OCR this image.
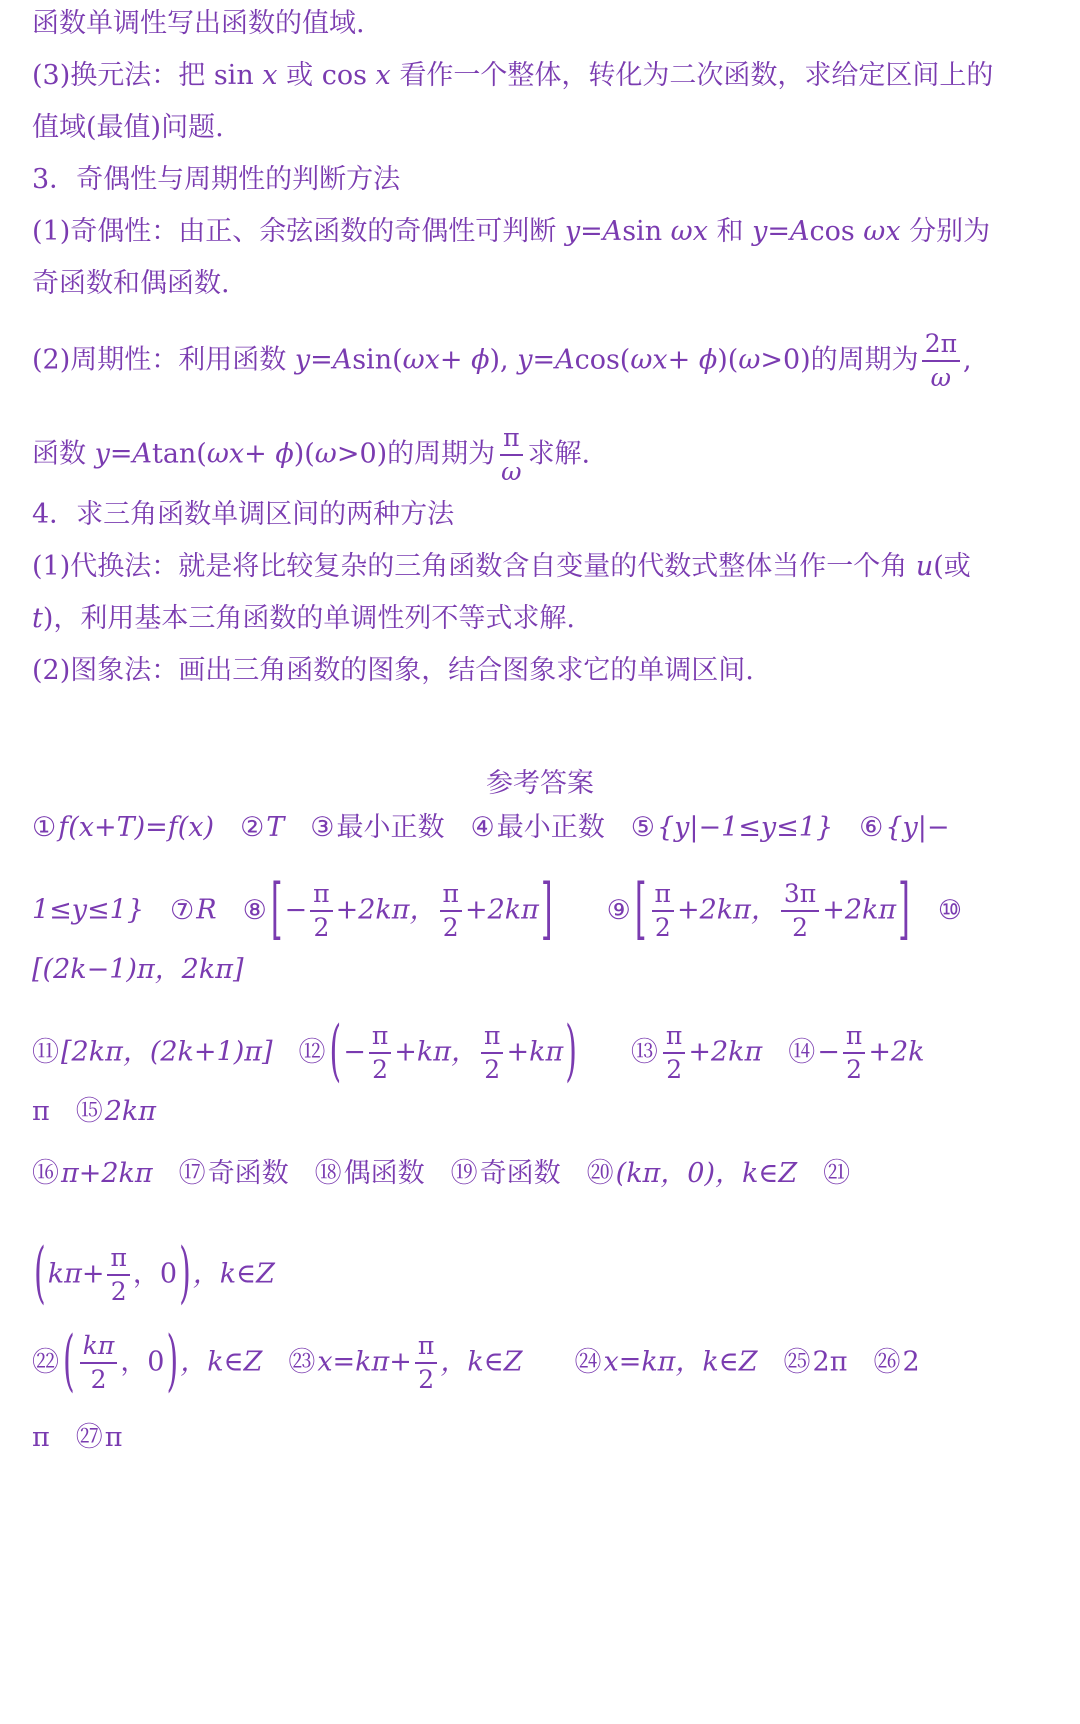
函数单调性写出函数的值域.
(3)换元法：把 sin x 或 cos x 看作一个整体，转化为二次函数，求给定区间上的
值域(最值)问题.
3．奇偶性与周期性的判断方法
(1)奇偶性：由正、余弦函数的奇偶性可判断 y=Asin ωx 和 y=Acos ωx 分别为
奇函数和偶函数.
(2)周期性：利用函数 y=Asin(ωx+ ϕ), y=Acos(ωx+ ϕ)(ω>0)的周期为 $\frac{2\pi}{\omega}$ ,
函数 y=Atan(ωx+ ϕ)(ω>0)的周期为 $\frac{\pi}{\omega}$ 求解.
4．求三角函数单调区间的两种方法
(1)代换法：就是将比较复杂的三角函数含自变量的代数式整体当作一个角 u(或
t)，利用基本三角函数的单调性列不等式求解.
(2)图象法：画出三角函数的图象，结合图象求它的单调区间.
参考答案
①f(x+T)=f(x) ②T ③最小正数 ④最小正数 ⑤{y|−1≤y≤1} ⑥{y|−
1≤y≤1} ⑦R ⑧ [− $\frac{\pi}{2} +2k\pi$， $\frac{\pi}{2} +2k\pi$] ⑨ [ $\frac{\pi}{2} +2k\pi$， $\frac{3\pi}{2} +2k\pi$] ⑩
[(2k−1)π，2kπ]
⑪[2kπ，(2k+1)π] ⑫ (− $\frac{\pi}{2} +k\pi$， $\frac{\pi}{2} +k\pi$) ⑬ $\frac{\pi}{2} +2k\pi$ ⑭− $\frac{\pi}{2} +2k$
π ⑮2kπ
⑯π+2kπ ⑰奇函数 ⑱偶函数 ⑲奇函数 ⑳(kπ，0)，k∈Z ㉑
($k\pi+ \frac{\pi}{2}$ ，0)，k∈Z
㉒ ( $\frac{k\pi}{2}$ ，0)，k∈Z ㉓x=kπ+ $\frac{\pi}{2}$ ，k∈Z ㉔x=kπ，k∈Z ㉕2π ㉖2
π ㉗π
